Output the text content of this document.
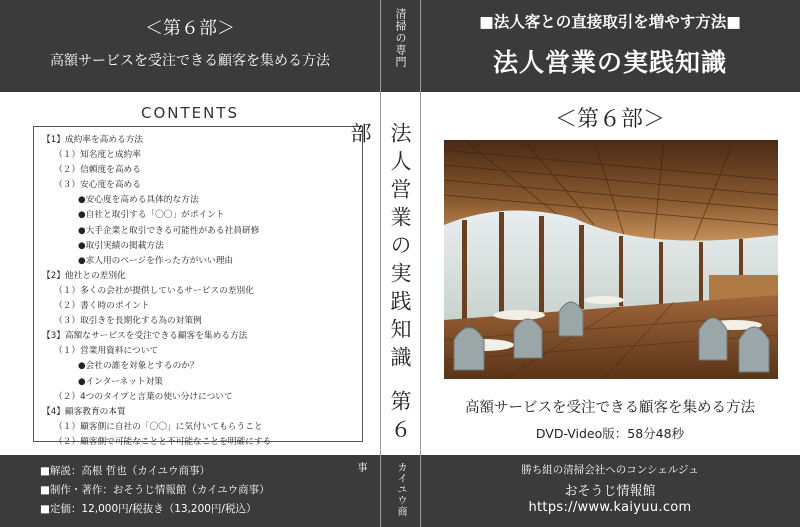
＜第６部＞
高額サービスを受注できる顧客を集める方法
CONTENTS
【1】成約率を高める方法
（１）知名度と成約率
（２）信頼度を高める
（３）安心度を高める
●安心度を高める具体的な方法
●自社と取引する「〇〇」がポイント
●大手企業と取引できる可能性がある社員研修
●取引実績の掲載方法
●求人用のページを作った方がいい理由
【2】他社との差別化
（１）多くの会社が提供しているサービスの差別化
（２）書く時のポイント
（３）取引きを長期化する為の対策例
【3】高額なサービスを受注できる顧客を集める方法
（１）営業用資料について
●会社の誰を対象とするのか？
●インターネット対策
（２）4つのタイプと言葉の使い分けについて
【4】顧客教育の本質
（１）顧客側に自社の「〇〇」に気付いてもらうこと
（２）顧客側で可能なことと不可能なことを明確にする
■解説：高根 哲也（カイユウ商事）
■制作・著作：おそうじ情報館（カイユウ商事）
■定価：12,000円/税抜き（13,200円/税込）
清掃の専門
法人営業の実践知識第６部
カイユウ商事
■法人客との直接取引を増やす方法■
法人営業の実践知識
＜第６部＞
高額サービスを受注できる顧客を集める方法
DVD-Video版：58分48秒
勝ち組の清掃会社へのコンシェルジュ
おそうじ情報館
https://www.kaiyuu.com
